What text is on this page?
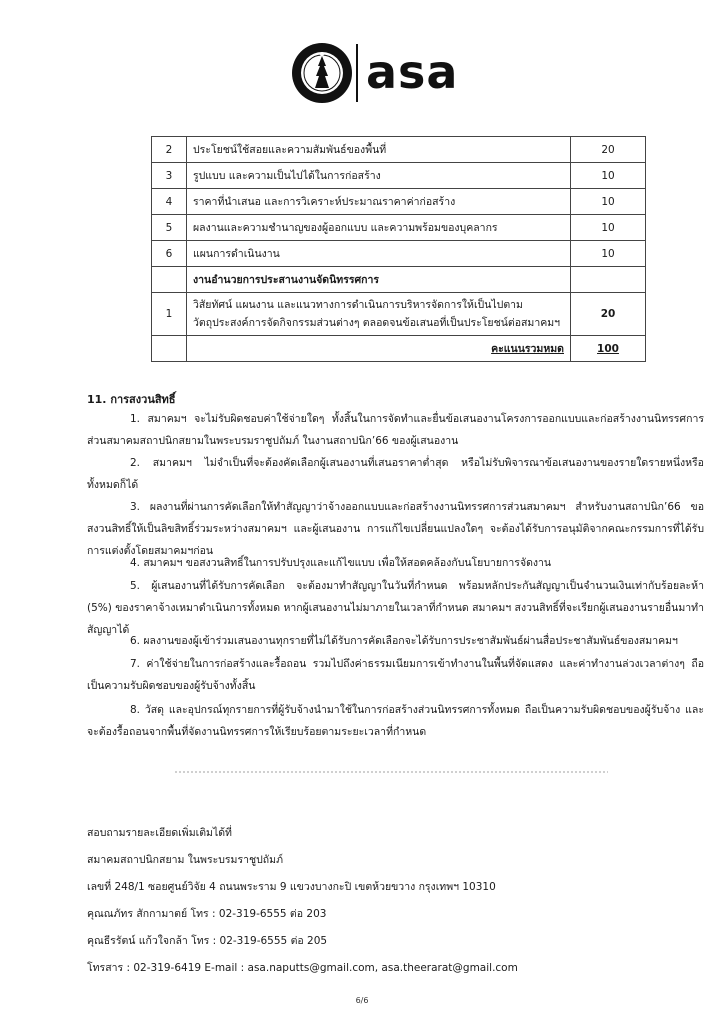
asa
2	ประโยชน์ใช้สอยและความสัมพันธ์ของพื้นที่	20
3	รูปแบบ และความเป็นไปได้ในการก่อสร้าง	10
4	ราคาที่นำเสนอ และการวิเคราะห์ประมาณราคาค่าก่อสร้าง	10
5	ผลงานและความชำนาญของผู้ออกแบบ และความพร้อมของบุคลากร	10
6	แผนการดำเนินงาน	10
	งานอำนวยการประสานงานจัดนิทรรศการ	
1	วิสัยทัศน์ แผนงาน และแนวทางการดำเนินการบริหารจัดการให้เป็นไปตาม
วัตถุประสงค์การจัดกิจกรรมส่วนต่างๆ ตลอดจนข้อเสนอที่เป็นประโยชน์ต่อสมาคมฯ	20
	คะแนนรวมหมด	100
11. การสงวนสิทธิ์
1. สมาคมฯ จะไม่รับผิดชอบค่าใช้จ่ายใดๆ ทั้งสิ้นในการจัดทำและยื่นข้อเสนองานโครงการออกแบบและก่อสร้างงานนิทรรศการส่วนสมาคมสถาปนิกสยามในพระบรมราชูปถัมภ์ ในงานสถาปนิก’66 ของผู้เสนองาน
2. สมาคมฯ ไม่จำเป็นที่จะต้องคัดเลือกผู้เสนองานที่เสนอราคาต่ำสุด หรือไม่รับพิจารณาข้อเสนองานของรายใดรายหนึ่งหรือทั้งหมดก็ได้
3. ผลงานที่ผ่านการคัดเลือกให้ทำสัญญาว่าจ้างออกแบบและก่อสร้างงานนิทรรศการส่วนสมาคมฯ สำหรับงานสถาปนิก’66 ขอสงวนสิทธิ์ให้เป็นลิขสิทธิ์ร่วมระหว่างสมาคมฯ และผู้เสนองาน การแก้ไขเปลี่ยนแปลงใดๆ จะต้องได้รับการอนุมัติจากคณะกรรมการที่ได้รับการแต่งตั้งโดยสมาคมฯก่อน
4. สมาคมฯ ขอสงวนสิทธิ์ในการปรับปรุงและแก้ไขแบบ เพื่อให้สอดคล้องกับนโยบายการจัดงาน
5. ผู้เสนองานที่ได้รับการคัดเลือก จะต้องมาทำสัญญาในวันที่กำหนด พร้อมหลักประกันสัญญาเป็นจำนวนเงินเท่ากับร้อยละห้า (5%) ของราคาจ้างเหมาดำเนินการทั้งหมด หากผู้เสนองานไม่มาภายในเวลาที่กำหนด สมาคมฯ สงวนสิทธิ์ที่จะเรียกผู้เสนองานรายอื่นมาทำสัญญาได้
6. ผลงานของผู้เข้าร่วมเสนองานทุกรายที่ไม่ได้รับการคัดเลือกจะได้รับการประชาสัมพันธ์ผ่านสื่อประชาสัมพันธ์ของสมาคมฯ
7. ค่าใช้จ่ายในการก่อสร้างและรื้อถอน รวมไปถึงค่าธรรมเนียมการเข้าทำงานในพื้นที่จัดแสดง และค่าทำงานล่วงเวลาต่างๆ ถือเป็นความรับผิดชอบของผู้รับจ้างทั้งสิ้น
8. วัสดุ และอุปกรณ์ทุกรายการที่ผู้รับจ้างนำมาใช้ในการก่อสร้างส่วนนิทรรศการทั้งหมด ถือเป็นความรับผิดชอบของผู้รับจ้าง และจะต้องรื้อถอนจากพื้นที่จัดงานนิทรรศการให้เรียบร้อยตามระยะเวลาที่กำหนด
สอบถามรายละเอียดเพิ่มเติมได้ที่
สมาคมสถาปนิกสยาม ในพระบรมราชูปถัมภ์
เลขที่ 248/1 ซอยศูนย์วิจัย 4 ถนนพระราม 9 แขวงบางกะปิ เขตห้วยขวาง กรุงเทพฯ 10310
คุณณภัทร สักกามาตย์ โทร : 02-319-6555 ต่อ 203
คุณธีรรัตน์ แก้วใจกล้า โทร : 02-319-6555 ต่อ 205
โทรสาร : 02-319-6419 E-mail : asa.naputts@gmail.com, asa.theerarat@gmail.com
6/6
